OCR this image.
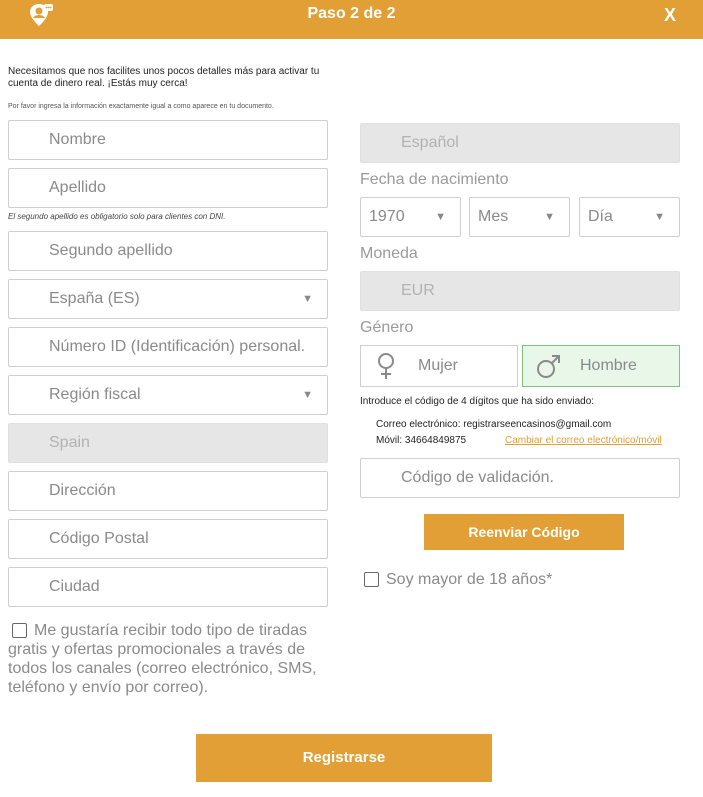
Paso 2 de 2	X
Necesitamos que nos facilites unos pocos detalles más para activar tu cuenta de dinero real. ¡Estás muy cerca!
Por favor ingresa la información exactamente igual a como aparece en tu documento.
Nombre
Apellido
El segundo apellido es obligatorio solo para clientes con DNI.
Segundo apellido
España (ES)	▼
Número ID (Identificación) personal.
Región fiscal	▼
Spain
Dirección
Código Postal
Ciudad
Me gustaría recibir todo tipo de tiradas gratis y ofertas promocionales a través de todos los canales (correo electrónico, SMS, teléfono y envío por correo).
Español
Fecha de nacimiento
1970	▼ Mes	▼ Día	▼
Moneda
EUR
Género
Mujer	Hombre
Introduce el código de 4 dígitos que ha sido enviado:
Correo electrónico: registrarseencasinos@gmail.com
Móvil: 34664849875	Cambiar el correo electrónico/móvil
Código de validación.
Reenviar Código
Soy mayor de 18 años*
Registrarse
